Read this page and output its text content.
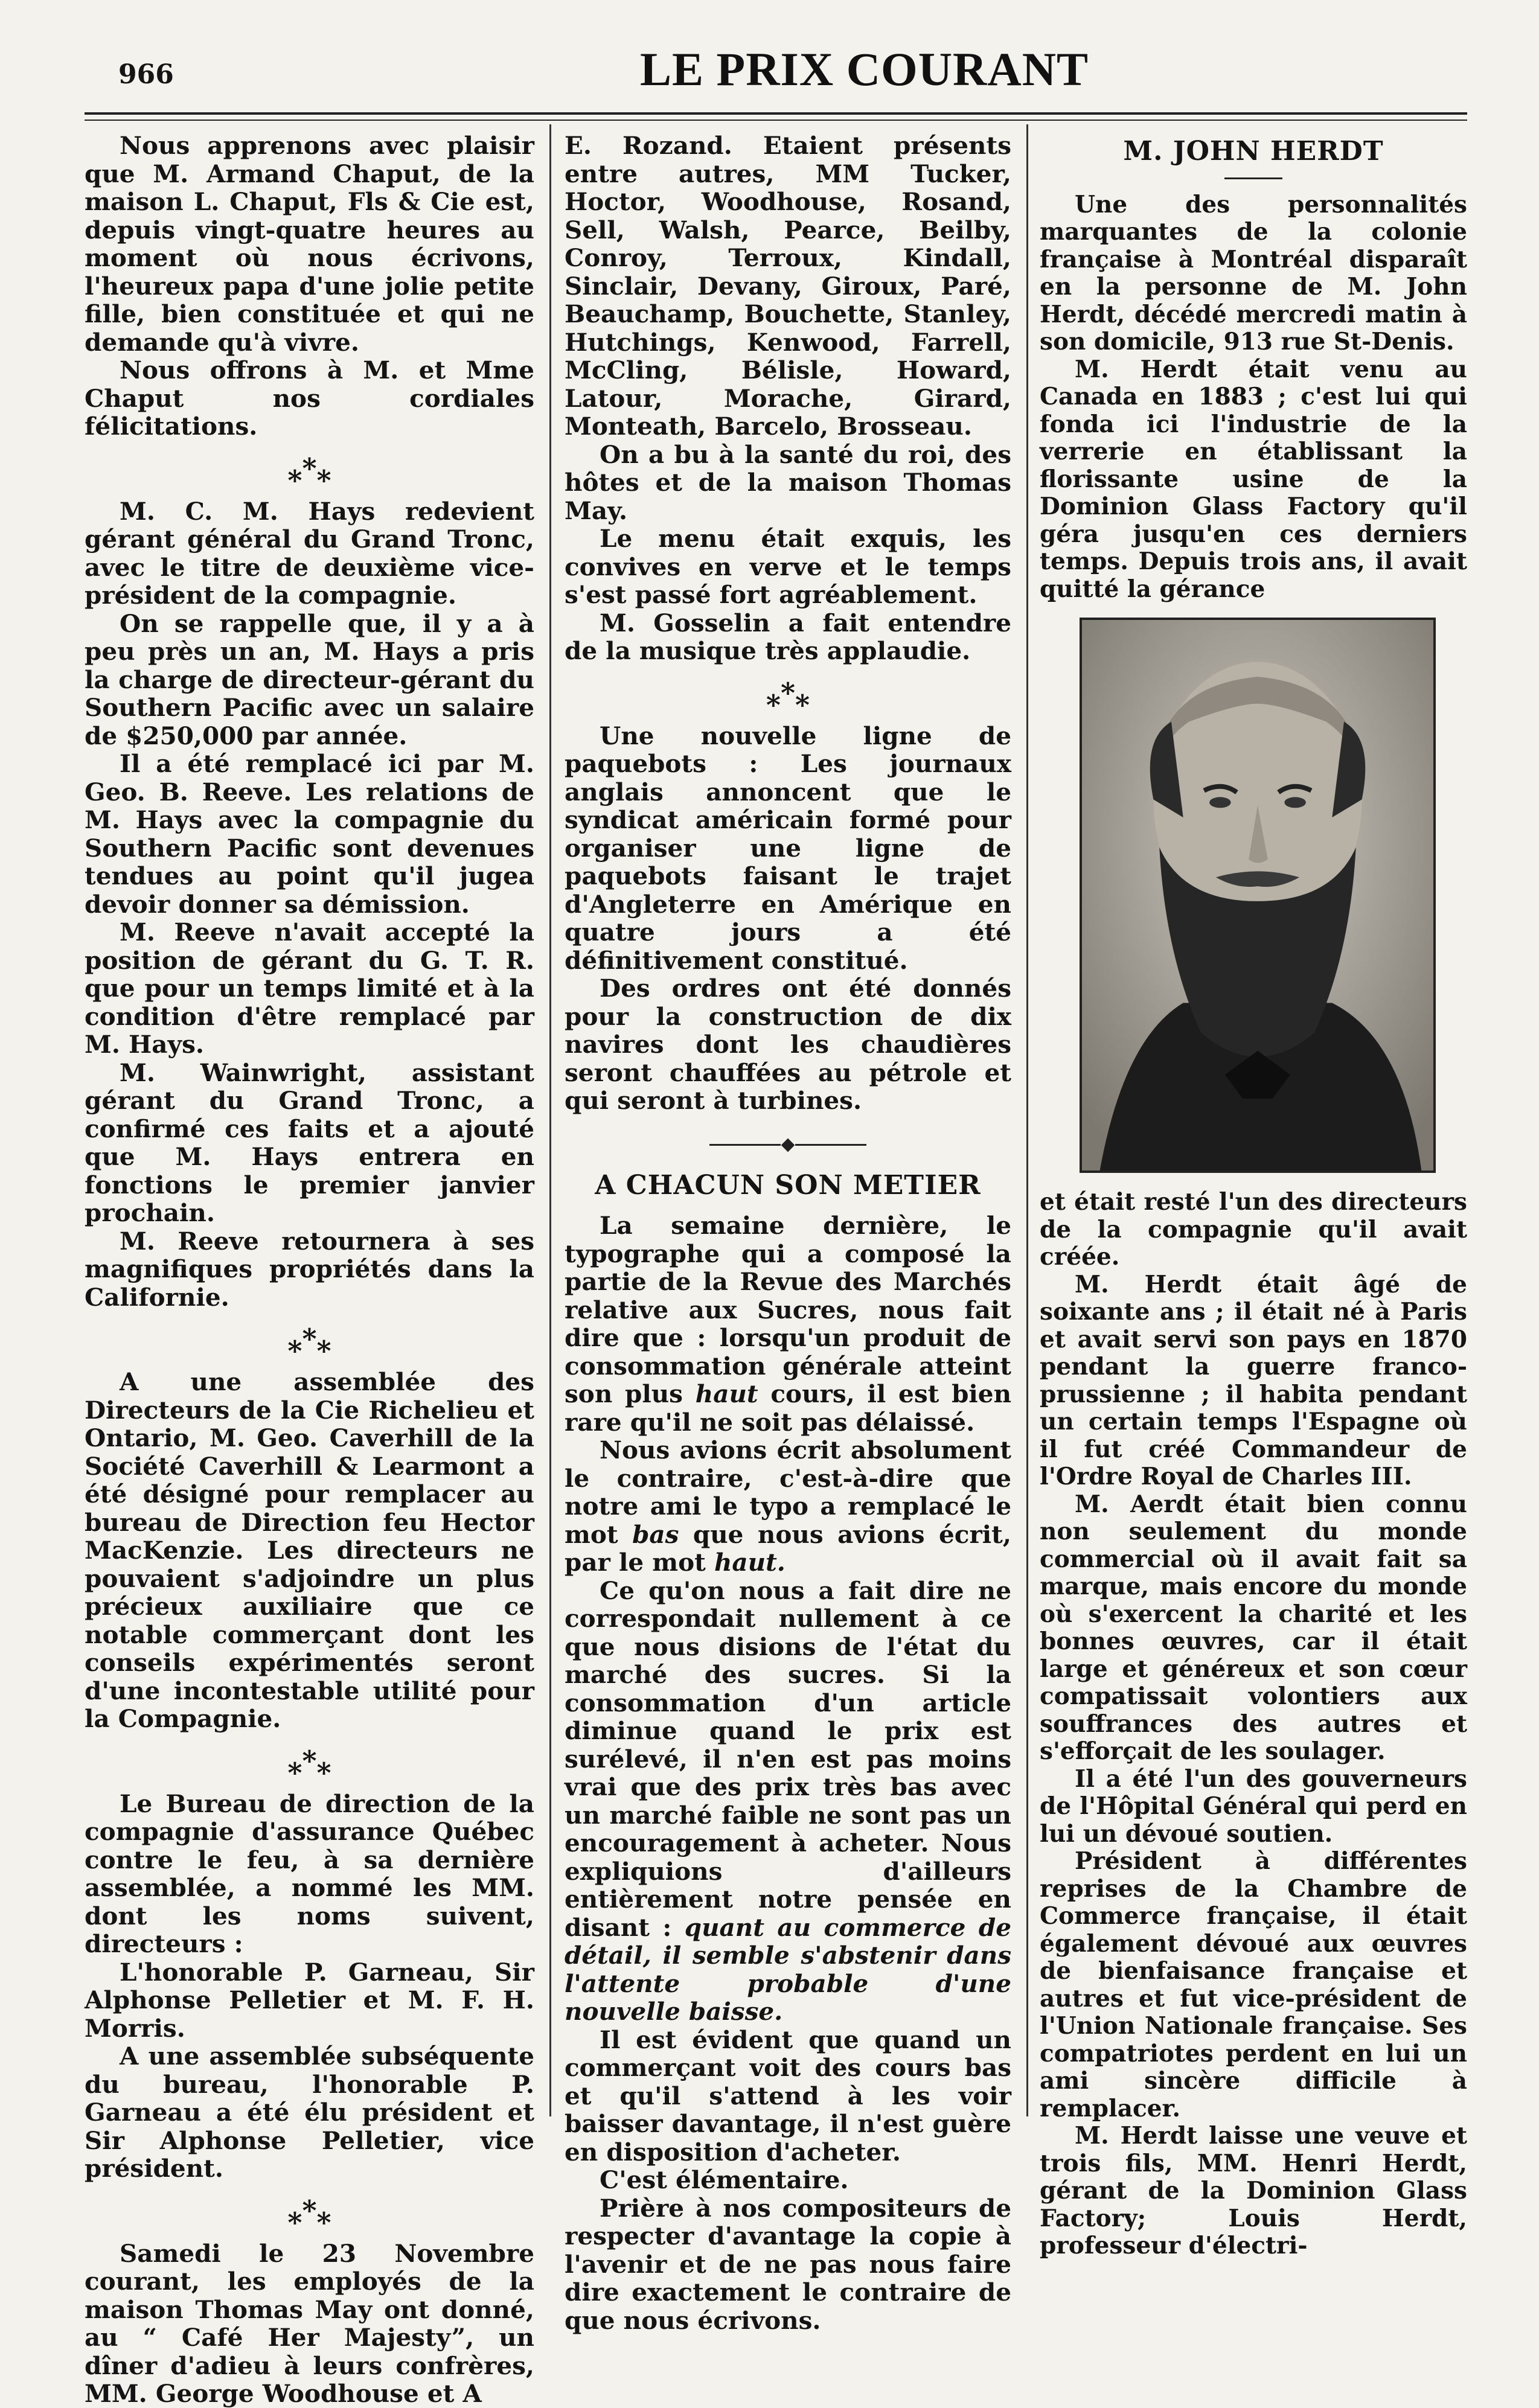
966	LE PRIX COURANT

Nous apprenons avec plaisir que M. Armand Chaput, de la maison L. Chaput, Fls & Cie est, depuis vingt-quatre heures au moment où nous écrivons, l'heureux papa d'une jolie petite fille, bien constituée et qui ne demande qu'à vivre.

Nous offrons à M. et Mme Chaput nos cordiales félicitations.

***

M. C. M. Hays redevient gérant général du Grand Tronc, avec le titre de deuxième vice-président de la compagnie.

On se rappelle que, il y a à peu près un an, M. Hays a pris la charge de directeur-gérant du Southern Pacific avec un salaire de $250,000 par année.

Il a été remplacé ici par M. Geo. B. Reeve. Les relations de M. Hays avec la compagnie du Southern Pacific sont devenues tendues au point qu'il jugea devoir donner sa démission.

M. Reeve n'avait accepté la position de gérant du G. T. R. que pour un temps limité et à la condition d'être remplacé par M. Hays.

M. Wainwright, assistant gérant du Grand Tronc, a confirmé ces faits et a ajouté que M. Hays entrera en fonctions le premier janvier prochain.

M. Reeve retournera à ses magnifiques propriétés dans la Californie.

***

A une assemblée des Directeurs de la Cie Richelieu et Ontario, M. Geo. Caverhill de la Société Caverhill & Learmont a été désigné pour remplacer au bureau de Direction feu Hector MacKenzie. Les directeurs ne pouvaient s'adjoindre un plus précieux auxiliaire que ce notable commerçant dont les conseils expérimentés seront d'une incontestable utilité pour la Compagnie.

***

Le Bureau de direction de la compagnie d'assurance Québec contre le feu, à sa dernière assemblée, a nommé les MM. dont les noms suivent, directeurs :

L'honorable P. Garneau, Sir Alphonse Pelletier et M. F. H. Morris.

A une assemblée subséquente du bureau, l'honorable P. Garneau a été élu président et Sir Alphonse Pelletier, vice président.

***

Samedi le 23 Novembre courant, les employés de la maison Thomas May ont donné, au “ Café Her Majesty”, un dîner d'adieu à leurs confrères, MM. George Woodhouse et A

E. Rozand. Etaient présents entre autres, MM Tucker, Hoctor, Woodhouse, Rosand, Sell, Walsh, Pearce, Beilby, Conroy, Terroux, Kindall, Sinclair, Devany, Giroux, Paré, Beauchamp, Bouchette, Stanley, Hutchings, Kenwood, Farrell, McCling, Bélisle, Howard, Latour, Morache, Girard, Monteath, Barcelo, Brosseau.

On a bu à la santé du roi, des hôtes et de la maison Thomas May.

Le menu était exquis, les convives en verve et le temps s'est passé fort agréablement.

M. Gosselin a fait entendre de la musique très applaudie.

***

Une nouvelle ligne de paquebots : Les journaux anglais annoncent que le syndicat américain formé pour organiser une ligne de paquebots faisant le trajet d'Angleterre en Amérique en quatre jours a été définitivement constitué.

Des ordres ont été donnés pour la construction de dix navires dont les chaudières seront chauffées au pétrole et qui seront à turbines.

A CHACUN SON METIER

La semaine dernière, le typographe qui a composé la partie de la Revue des Marchés relative aux Sucres, nous fait dire que : lorsqu'un produit de consommation générale atteint son plus haut cours, il est bien rare qu'il ne soit pas délaissé.

Nous avions écrit absolument le contraire, c'est-à-dire que notre ami le typo a remplacé le mot bas que nous avions écrit, par le mot haut.

Ce qu'on nous a fait dire ne correspondait nullement à ce que nous disions de l'état du marché des sucres. Si la consommation d'un article diminue quand le prix est surélevé, il n'en est pas moins vrai que des prix très bas avec un marché faible ne sont pas un encouragement à acheter. Nous expliquions d'ailleurs entièrement notre pensée en disant : quant au commerce de détail, il semble s'abstenir dans l'attente probable d'une nouvelle baisse.

Il est évident que quand un commerçant voit des cours bas et qu'il s'attend à les voir baisser davantage, il n'est guère en disposition d'acheter.

C'est élémentaire.

Prière à nos compositeurs de respecter d'avantage la copie à l'avenir et de ne pas nous faire dire exactement le contraire de que nous écrivons.

M. JOHN HERDT

Une des personnalités marquantes de la colonie française à Montréal disparaît en la personne de M. John Herdt, décédé mercredi matin à son domicile, 913 rue St-Denis.

M. Herdt était venu au Canada en 1883 ; c'est lui qui fonda ici l'industrie de la verrerie en établissant la florissante usine de la Dominion Glass Factory qu'il géra jusqu'en ces derniers temps. Depuis trois ans, il avait quitté la gérance

et était resté l'un des directeurs de la compagnie qu'il avait créée.

M. Herdt était âgé de soixante ans ; il était né à Paris et avait servi son pays en 1870 pendant la guerre franco-prussienne ; il habita pendant un certain temps l'Espagne où il fut créé Commandeur de l'Ordre Royal de Charles III.

M. Aerdt était bien connu non seulement du monde commercial où il avait fait sa marque, mais encore du monde où s'exercent la charité et les bonnes œuvres, car il était large et généreux et son cœur compatissait volontiers aux souffrances des autres et s'efforçait de les soulager.

Il a été l'un des gouverneurs de l'Hôpital Général qui perd en lui un dévoué soutien.

Président à différentes reprises de la Chambre de Commerce française, il était également dévoué aux œuvres de bienfaisance française et autres et fut vice-président de l'Union Nationale française. Ses compatriotes perdent en lui un ami sincère difficile à remplacer.

M. Herdt laisse une veuve et trois fils, MM. Henri Herdt, gérant de la Dominion Glass Factory; Louis Herdt, professeur d'électri-
